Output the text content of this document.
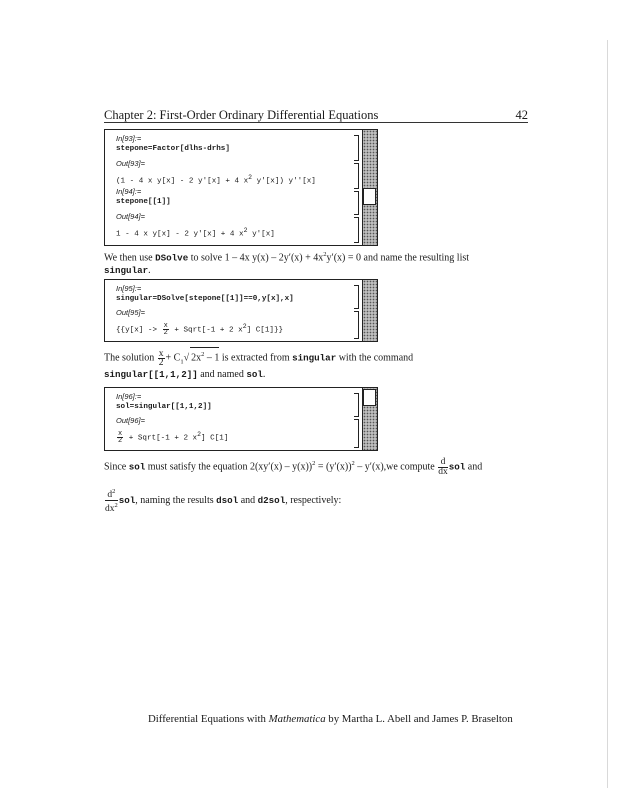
Chapter 2: First-Order Ordinary Differential Equations	42
In[93]:=
stepone=Factor[dlhs-drhs]
Out[93]=
(1 - 4 x y[x] - 2 y'[x] + 4 $x^2$ y'[x]) y''[x]
In[94]:=
stepone[[1]]
Out[94]=
1 - 4 x y[x] - 2 y'[x] + 4 $x^2$ y'[x]
We then use DSolve to solve 1 – 4x $y(x) - 2y'(x) + 4x^2y'(x) = 0$ and name the resulting list
singular.
In[95]:=
singular=DSolve[stepone[[1]]==0,y[x],x]
Out[95]=
{{$y[x] -> \frac{x}{2}$ + Sqrt[-1 + 2 $x^2$] C[1]}}
The solution $\frac{x}{2} + C_1√$ $2x^2 - 1$ is extracted from singular with the command
singular[[1,1,2]] and named sol.
In[96]:=
sol=singular[[1,1,2]]
Out[96]=
$\frac{x}{2}$ + Sqrt[-1 + 2 $x^2$] C[1]
Since sol must satisfy the equation $2(xy'(x) - y(x))^2 = (y'(x))^2 - y'(x),we$ compute $\frac{d}{dx}$ sol and
$\frac{d^2}{dx^2}$ sol, naming the results dsol and d2sol, respectively:
Differential Equations with Mathematica by Martha L. Abell and James P. Braselton
